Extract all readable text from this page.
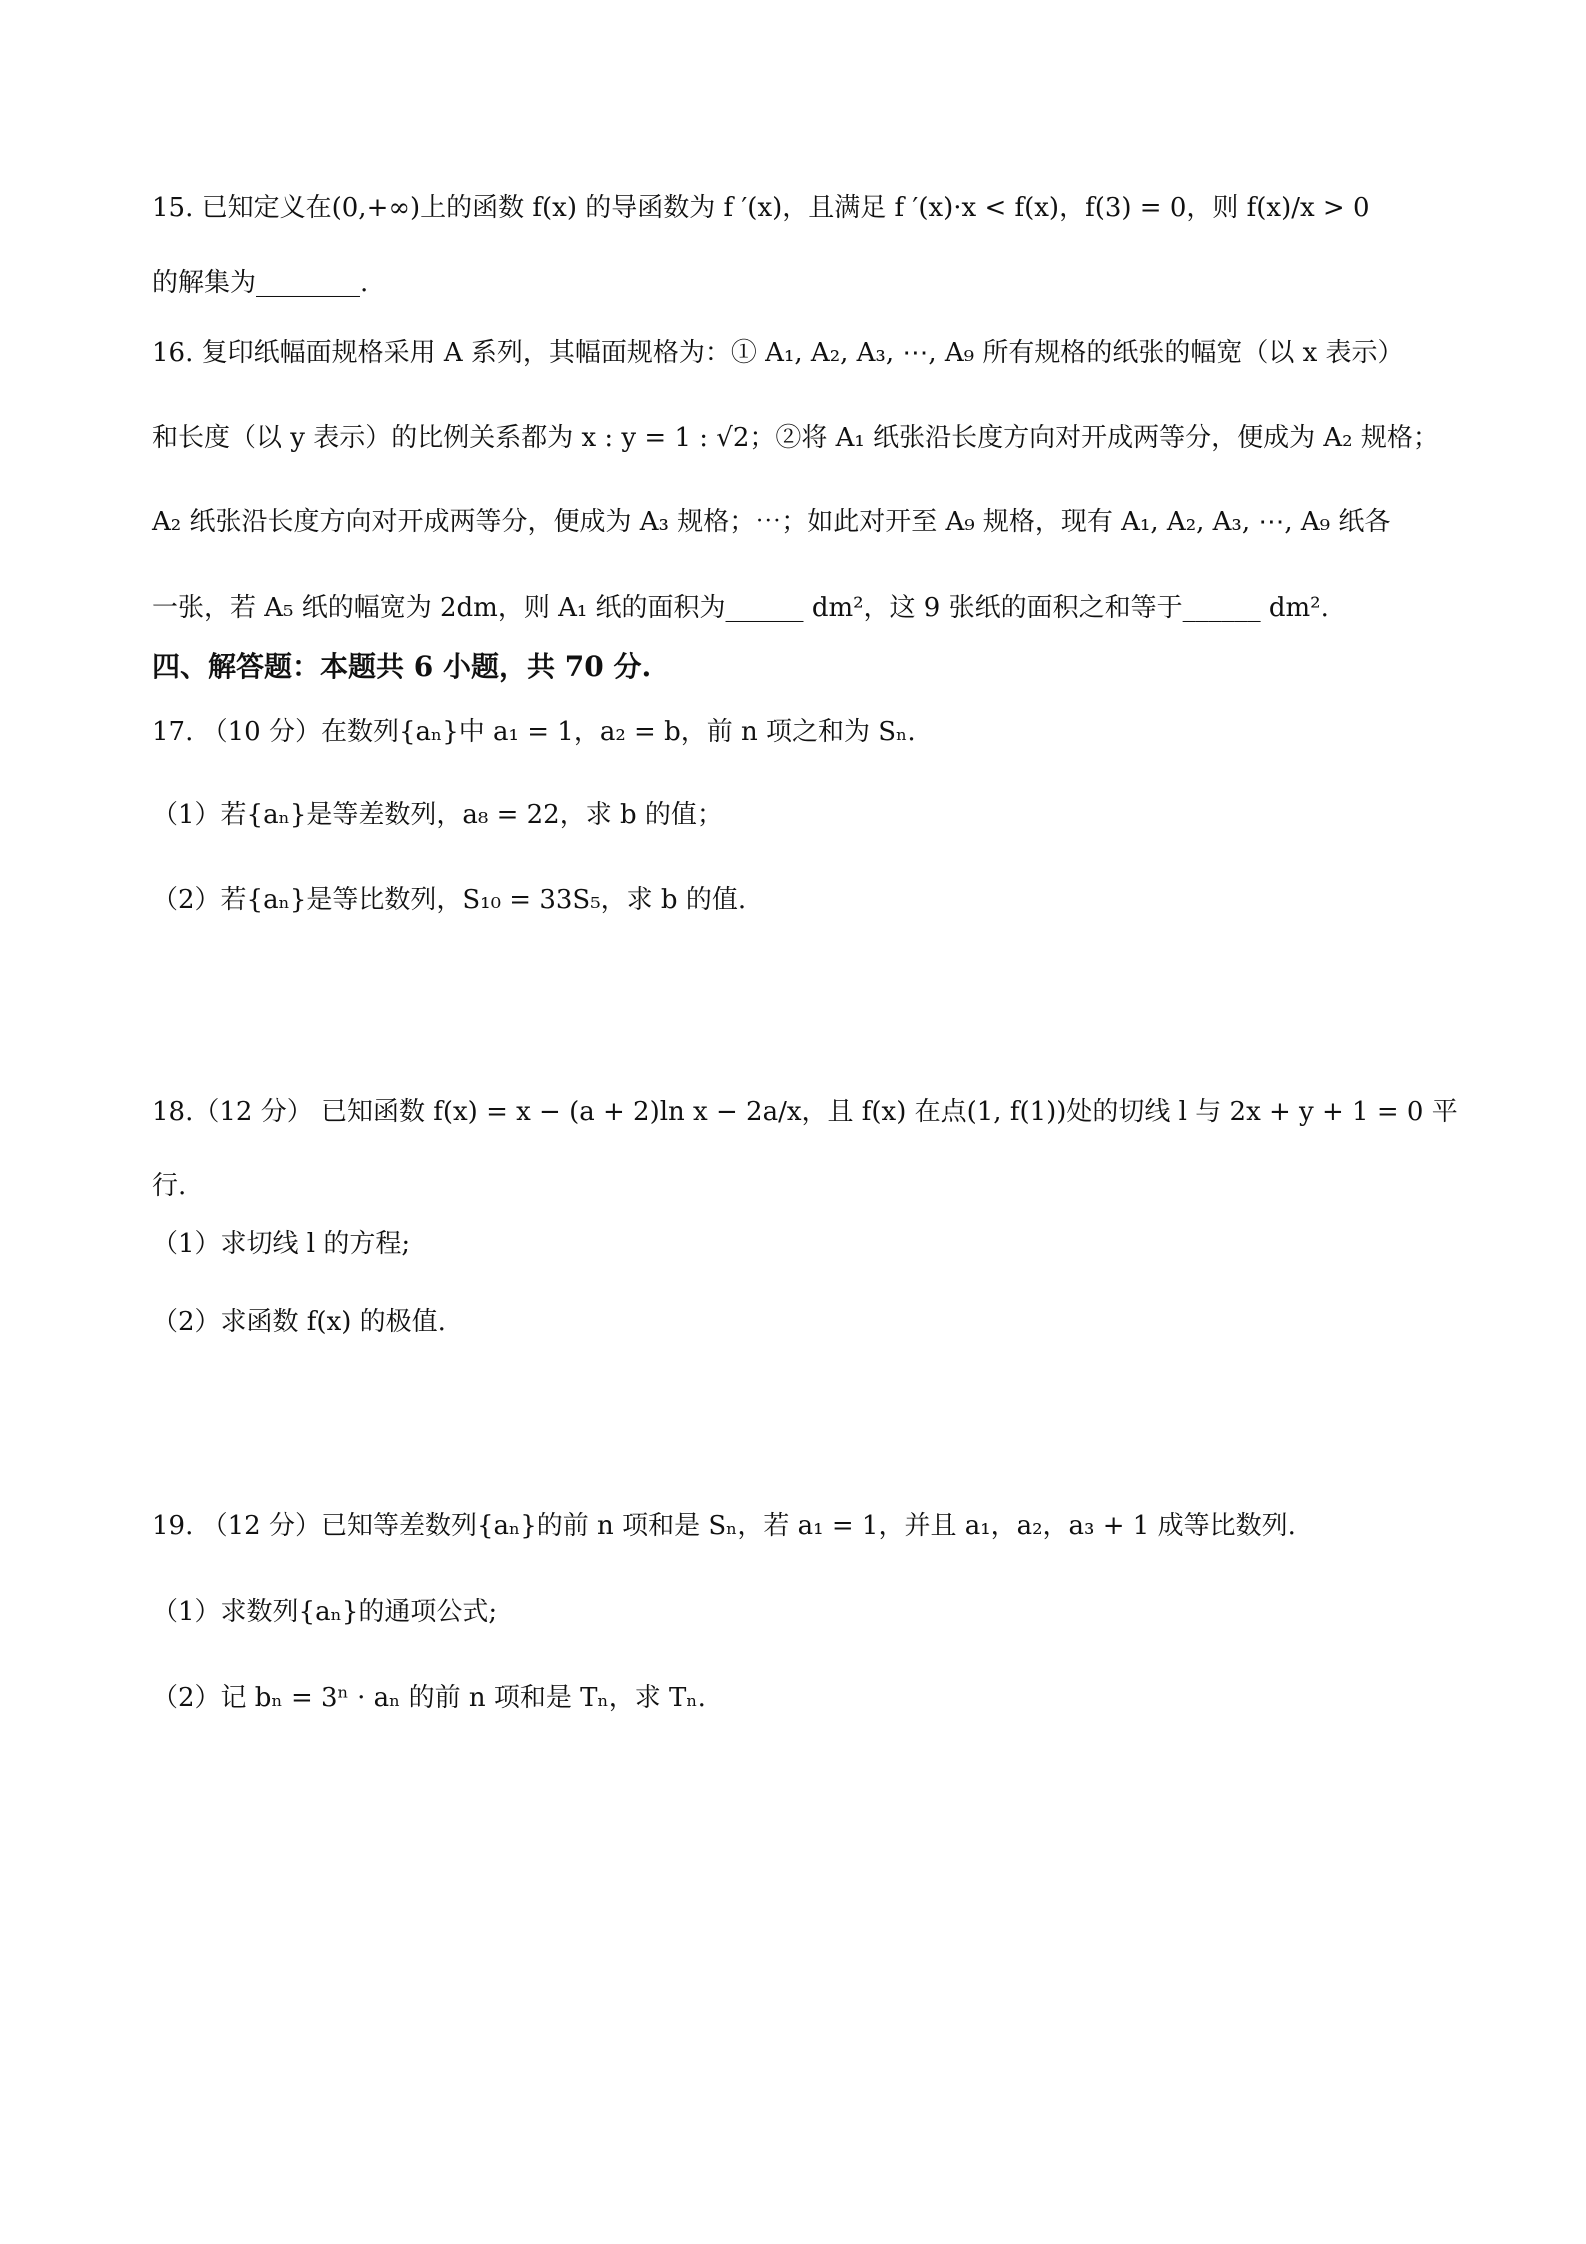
15. 已知定义在(0,+∞)上的函数 f(x) 的导函数为 f ′(x)，且满足 f ′(x)·x < f(x)，f(3) = 0，则 f(x)/x > 0
的解集为________.
16. 复印纸幅面规格采用 A 系列，其幅面规格为：① A₁, A₂, A₃, ⋯, A₉ 所有规格的纸张的幅宽（以 x 表示）
和长度（以 y 表示）的比例关系都为 x : y = 1 : √2；②将 A₁ 纸张沿长度方向对开成两等分，便成为 A₂ 规格；
A₂ 纸张沿长度方向对开成两等分，便成为 A₃ 规格；⋯；如此对开至 A₉ 规格，现有 A₁, A₂, A₃, ⋯, A₉ 纸各
一张，若 A₅ 纸的幅宽为 2dm，则 A₁ 纸的面积为______ dm²，这 9 张纸的面积之和等于______ dm².
四、解答题：本题共 6 小题，共 70 分.
17. （10 分）在数列{aₙ}中 a₁ = 1，a₂ = b，前 n 项之和为 Sₙ.
（1）若{aₙ}是等差数列，a₈ = 22，求 b 的值；
（2）若{aₙ}是等比数列，S₁₀ = 33S₅，求 b 的值.
18.（12 分） 已知函数 f(x) = x − (a + 2)ln x − 2a/x，且 f(x) 在点(1, f(1))处的切线 l 与 2x + y + 1 = 0 平
行.
（1）求切线 l 的方程;
（2）求函数 f(x) 的极值.
19. （12 分）已知等差数列{aₙ}的前 n 项和是 Sₙ，若 a₁ = 1，并且 a₁，a₂，a₃ + 1 成等比数列.
（1）求数列{aₙ}的通项公式;
（2）记 bₙ = 3ⁿ · aₙ 的前 n 项和是 Tₙ，求 Tₙ.
